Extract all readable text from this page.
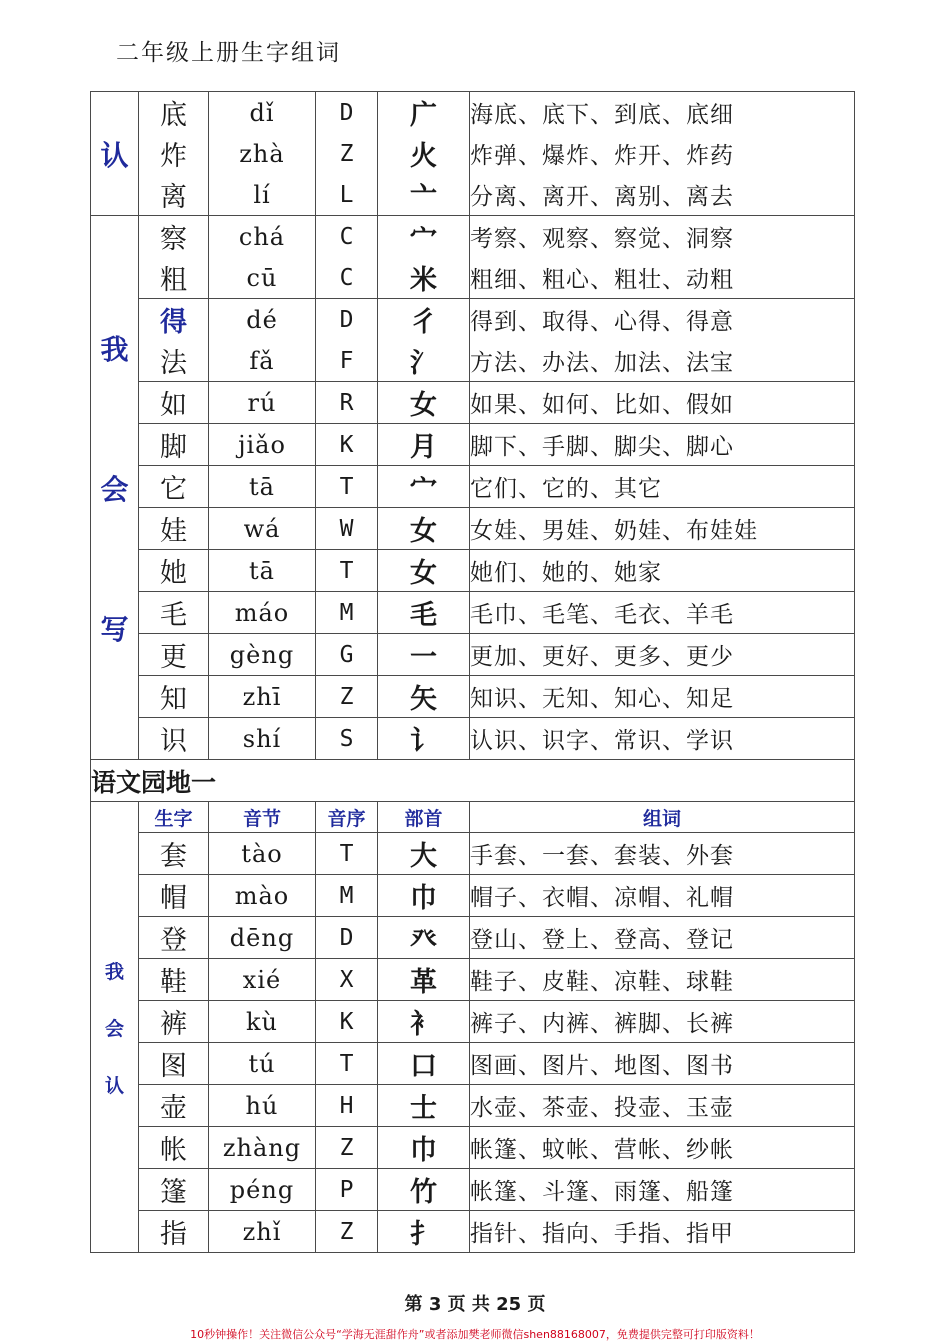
二年级上册生字组词
认	底	dǐ	D	广	海底、底下、到底、底细
	炸	zhà	Z	火	炸弹、爆炸、炸开、炸药
	离	lí	L	亠	分离、离开、离别、离去

我
会
写	察	chá	C	宀	考察、观察、察觉、洞察
	粗	cū	C	米	粗细、粗心、粗壮、动粗
	得	dé	D	彳	得到、取得、心得、得意
	法	fǎ	F	氵	方法、办法、加法、法宝
	如	rú	R	女	如果、如何、比如、假如
	脚	jiǎo	K	月	脚下、手脚、脚尖、脚心
	它	tā	T	宀	它们、它的、其它
	娃	wá	W	女	女娃、男娃、奶娃、布娃娃
	她	tā	T	女	她们、她的、她家
	毛	máo	M	毛	毛巾、毛笔、毛衣、羊毛
	更	gèng	G	一	更加、更好、更多、更少
	知	zhī	Z	矢	知识、无知、知心、知足
	识	shí	S	讠	认识、识字、常识、学识
语文园地一					

我
会
认	生字	音节	音序	部首	组词
	套	tào	T	大	手套、一套、套装、外套
	帽	mào	M	巾	帽子、衣帽、凉帽、礼帽
	登	dēng	D	癶	登山、登上、登高、登记
	鞋	xié	X	革	鞋子、皮鞋、凉鞋、球鞋
	裤	kù	K	衤	裤子、内裤、裤脚、长裤
	图	tú	T	口	图画、图片、地图、图书
	壶	hú	H	士	水壶、茶壶、投壶、玉壶
	帐	zhàng	Z	巾	帐篷、蚊帐、营帐、纱帐
	篷	péng	P	竹	帐篷、斗篷、雨篷、船篷
	指	zhǐ	Z	扌	指针、指向、手指、指甲
第 3 页 共 25 页
10秒钟操作！关注微信公众号“学海无涯甜作舟”或者添加樊老师微信shen88168007，免费提供完整可打印版资料！
